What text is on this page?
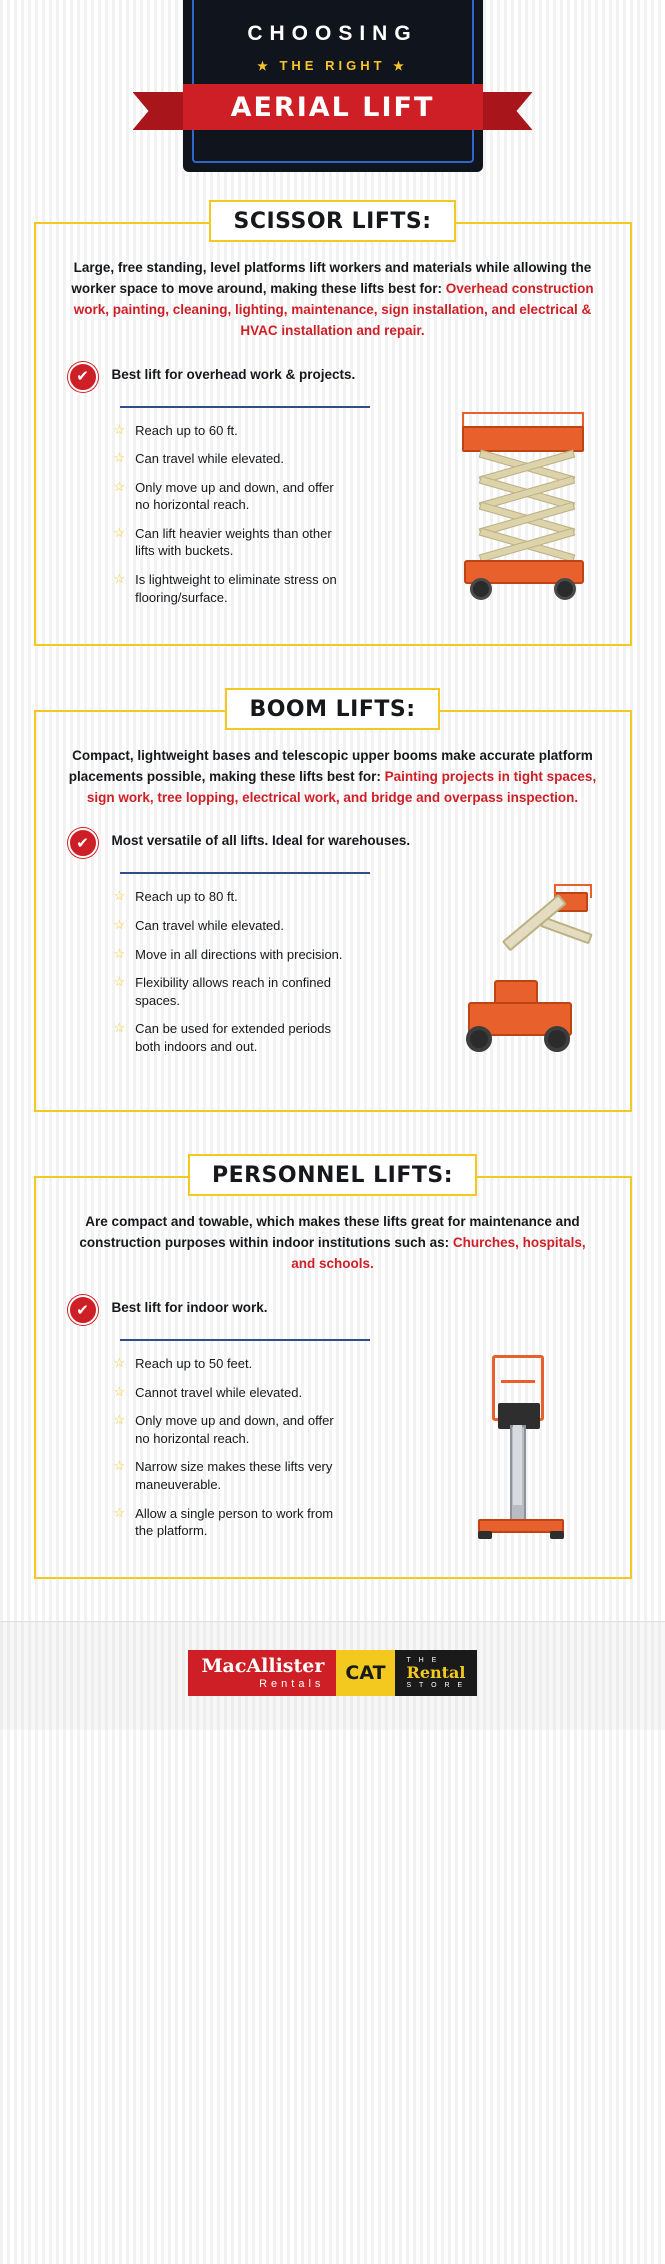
CHOOSING
★ THE RIGHT ★
AERIAL LIFT
SCISSOR LIFTS:

Large, free standing, level platforms lift workers and materials while allowing the worker space to move around, making these lifts best for: Overhead construction work, painting, cleaning, lighting, maintenance, sign installation, and electrical & HVAC installation and repair.

✔	Best lift for overhead work & projects.
☆ Reach up to 60 ft.
☆ Can travel while elevated.
☆ Only move up and down, and offer no horizontal reach.
☆ Can lift heavier weights than other lifts with buckets.
☆ Is lightweight to eliminate stress on flooring/surface.
BOOM LIFTS:

Compact, lightweight bases and telescopic upper booms make accurate platform placements possible, making these lifts best for: Painting projects in tight spaces, sign work, tree lopping, electrical work, and bridge and overpass inspection.

✔	Most versatile of all lifts. Ideal for warehouses.
☆ Reach up to 80 ft.
☆ Can travel while elevated.
☆ Move in all directions with precision.
☆ Flexibility allows reach in confined spaces.
☆ Can be used for extended periods both indoors and out.
PERSONNEL LIFTS:

Are compact and towable, which makes these lifts great for maintenance and construction purposes within indoor institutions such as: Churches, hospitals, and schools.

✔	Best lift for indoor work.
☆ Reach up to 50 feet.
☆ Cannot travel while elevated.
☆ Only move up and down, and offer no horizontal reach.
☆ Narrow size makes these lifts very maneuverable.
☆ Allow a single person to work from the platform.
MacAllister
Rentals	CAT
T H E
Rental
S T O R E
